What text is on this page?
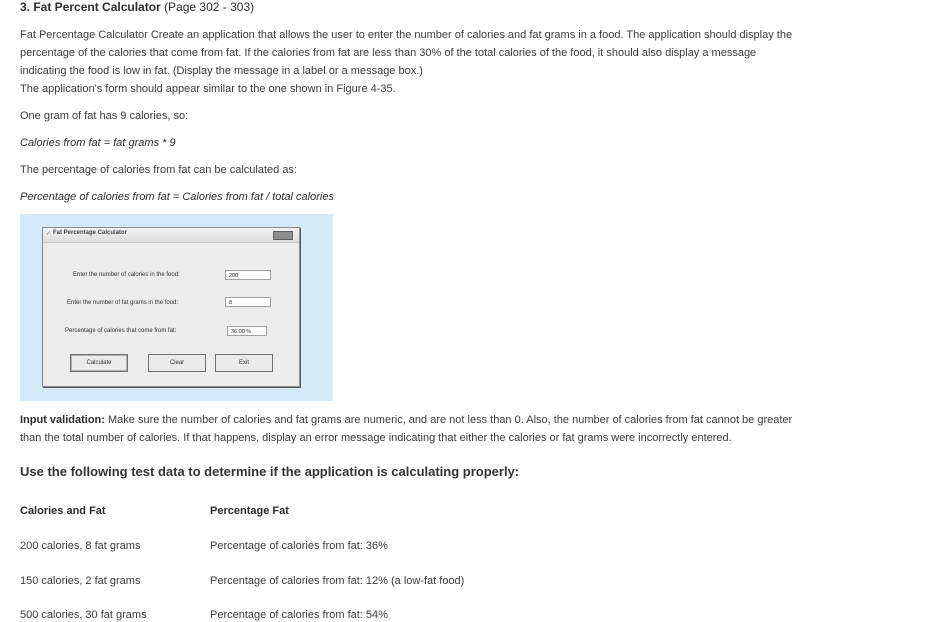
3. Fat Percent Calculator (Page 302 - 303)
Fat Percentage Calculator Create an application that allows the user to enter the number of calories and fat grams in a food. The application should display the
percentage of the calories that come from fat. If the calories from fat are less than 30% of the total calories of the food, it should also display a message
indicating the food is low in fat. (Display the message in a label or a message box.)
The application's form should appear similar to the one shown in Figure 4-35.
One gram of fat has 9 calories, so:
Calories from fat = fat grams * 9
The percentage of calories from fat can be calculated as:
Percentage of calories from fat = Calories from fat / total calories
✓ Fat Percentage Calculator
Enter the number of calories in the food:	200
Enter the number of fat grams in the food:	8
Percentage of calories that come from fat:	36.00 %
Calculate	Clear	Exit
Input validation: Make sure the number of calories and fat grams are numeric, and are not less than 0. Also, the number of calories from fat cannot be greater
than the total number of calories. If that happens, display an error message indicating that either the calories or fat grams were incorrectly entered.
Use the following test data to determine if the application is calculating properly:
Calories and Fat	Percentage Fat
200 calories, 8 fat grams	Percentage of calories from fat: 36%
150 calories, 2 fat grams	Percentage of calories from fat: 12% (a low-fat food)
500 calories, 30 fat grams	Percentage of calories from fat: 54%
